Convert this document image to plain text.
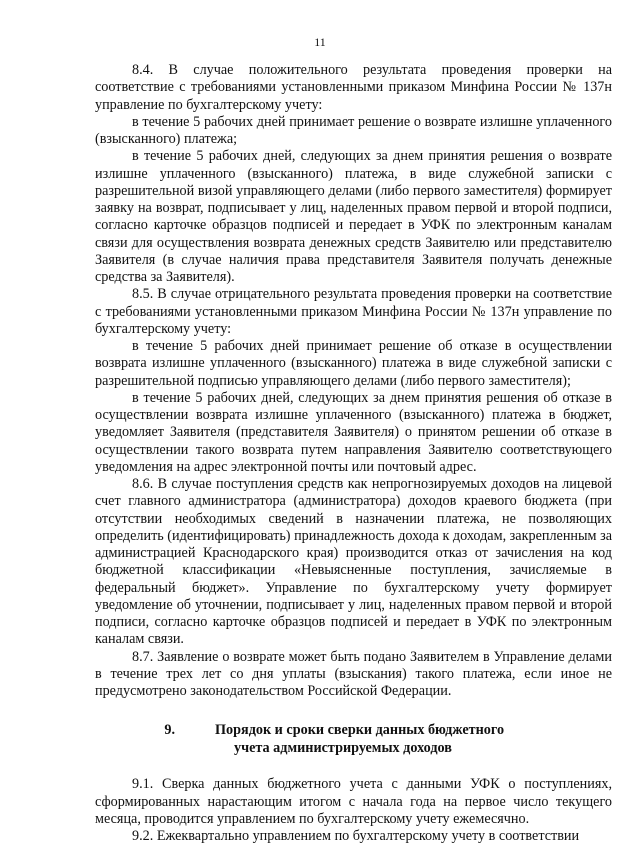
11

8.4. В случае положительного результата проведения проверки на соответствие с требованиями установленными приказом Минфина России № 137н управление по бухгалтерскому учету:

в течение 5 рабочих дней принимает решение о возврате излишне уплаченного (взысканного) платежа;

в течение 5 рабочих дней, следующих за днем принятия решения о возврате излишне уплаченного (взысканного) платежа, в виде служебной записки с разрешительной визой управляющего делами (либо первого заместителя) формирует заявку на возврат, подписывает у лиц, наделенных правом первой и второй подписи, согласно карточке образцов подписей и передает в УФК по электронным каналам связи для осуществления возврата денежных средств Заявителю или представителю Заявителя (в случае наличия права представителя Заявителя получать денежные средства за Заявителя).

8.5. В случае отрицательного результата проведения проверки на соответствие с требованиями установленными приказом Минфина России № 137н управление по бухгалтерскому учету:

в течение 5 рабочих дней принимает решение об отказе в осуществлении возврата излишне уплаченного (взысканного) платежа в виде служебной записки с разрешительной подписью управляющего делами (либо первого заместителя);

в течение 5 рабочих дней, следующих за днем принятия решения об отказе в осуществлении возврата излишне уплаченного (взысканного) платежа в бюджет, уведомляет Заявителя (представителя Заявителя) о принятом решении об отказе в осуществлении такого возврата путем направления Заявителю соответствующего уведомления на адрес электронной почты или почтовый адрес.

8.6. В случае поступления средств как непрогнозируемых доходов на лицевой счет главного администратора (администратора) доходов краевого бюджета (при отсутствии необходимых сведений в назначении платежа, не позволяющих определить (идентифицировать) принадлежность дохода к доходам, закрепленным за администрацией Краснодарского края) производится отказ от зачисления на код бюджетной классификации «Невыясненные поступления, зачисляемые в федеральный бюджет». Управление по бухгалтерскому учету формирует уведомление об уточнении, подписывает у лиц, наделенных правом первой и второй подписи, согласно карточке образцов подписей и передает в УФК по электронным каналам связи.

8.7. Заявление о возврате может быть подано Заявителем в Управление делами в течение трех лет со дня уплаты (взыскания) такого платежа, если иное не предусмотрено законодательством Российской Федерации.

9.	Порядок и сроки сверки данных бюджетного
учета администрируемых доходов

9.1. Сверка данных бюджетного учета с данными УФК о поступлениях, сформированных нарастающим итогом с начала года на первое число текущего месяца, проводится управлением по бухгалтерскому учету ежемесячно.

9.2. Ежеквартально управлением по бухгалтерскому учету в соответствии
